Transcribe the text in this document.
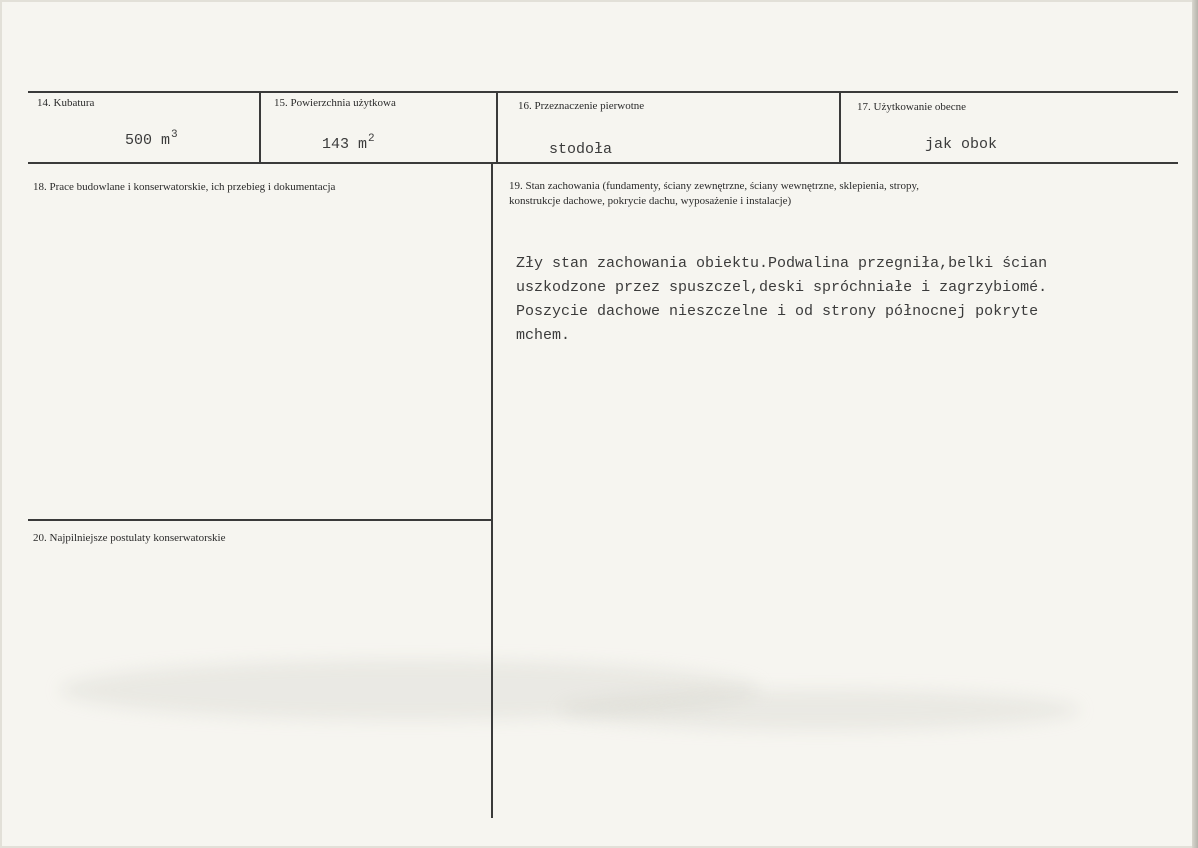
14. Kubatura
500 $m^3$
15. Powierzchnia użytkowa
143 $m^2$
16. Przeznaczenie pierwotne
stodoła
17. Użytkowanie obecne
jak obok
18. Prace budowlane i konserwatorskie, ich przebieg i dokumentacja	19. Stan zachowania (fundamenty, ściany zewnętrzne, ściany wewnętrzne, sklepienia, stropy,
konstrukcje dachowe, pokrycie dachu, wyposażenie i instalacje)
Zły stan zachowania obiektu.Podwalina przegniła,belki ścian
uszkodzone przez spuszczel,deski spróchniałe i zagrzybiomé.
Poszycie dachowe nieszczelne i od strony północnej pokryte
mchem.
20. Najpilniejsze postulaty konserwatorskie
